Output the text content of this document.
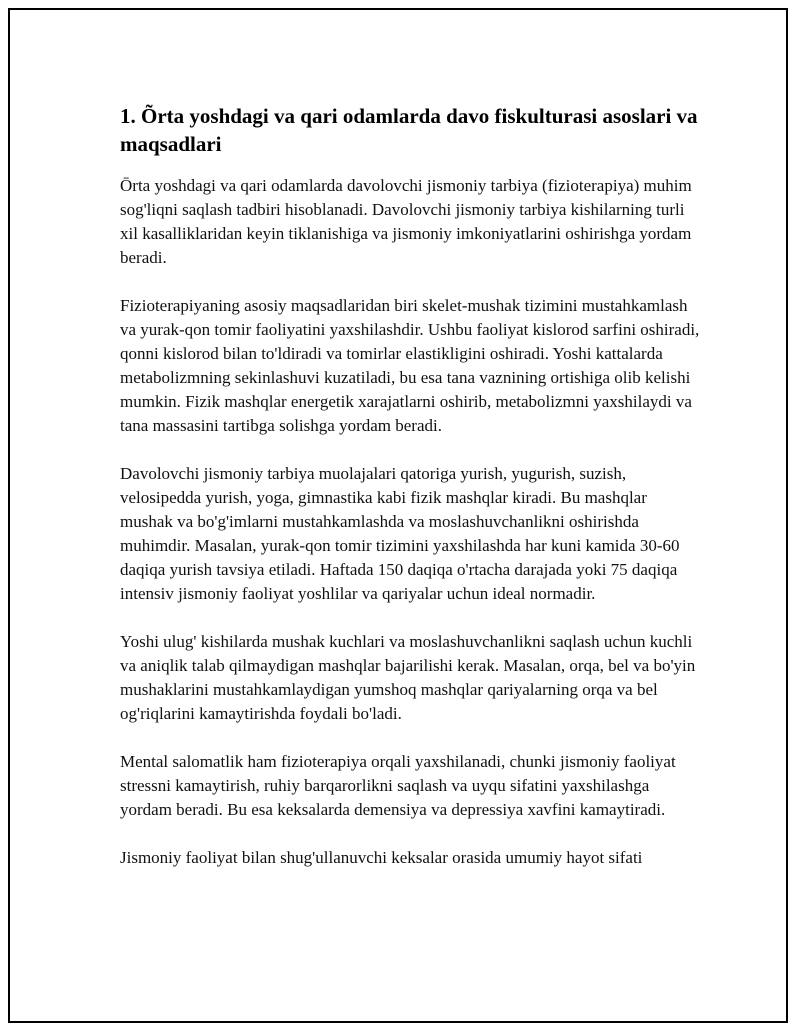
1. Õrta yoshdagi va qari odamlarda davo fiskulturasi asoslari va maqsadlari

Ōrta yoshdagi va qari odamlarda davolovchi jismoniy tarbiya (fizioterapiya) muhim sog'liqni saqlash tadbiri hisoblanadi. Davolovchi jismoniy tarbiya kishilarning turli xil kasalliklaridan keyin tiklanishiga va jismoniy imkoniyatlarini oshirishga yordam beradi.

Fizioterapiyaning asosiy maqsadlaridan biri skelet-mushak tizimini mustahkamlash va yurak-qon tomir faoliyatini yaxshilashdir. Ushbu faoliyat kislorod sarfini oshiradi, qonni kislorod bilan to'ldiradi va tomirlar elastikligini oshiradi. Yoshi kattalarda metabolizmning sekinlashuvi kuzatiladi, bu esa tana vaznining ortishiga olib kelishi mumkin. Fizik mashqlar energetik xarajatlarni oshirib, metabolizmni yaxshilaydi va tana massasini tartibga solishga yordam beradi.

Davolovchi jismoniy tarbiya muolajalari qatoriga yurish, yugurish, suzish, velosipedda yurish, yoga, gimnastika kabi fizik mashqlar kiradi. Bu mashqlar mushak va bo'g'imlarni mustahkamlashda va moslashuvchanlikni oshirishda muhimdir. Masalan, yurak-qon tomir tizimini yaxshilashda har kuni kamida 30-60 daqiqa yurish tavsiya etiladi. Haftada 150 daqiqa o'rtacha darajada yoki 75 daqiqa intensiv jismoniy faoliyat yoshlilar va qariyalar uchun ideal normadir.

Yoshi ulug' kishilarda mushak kuchlari va moslashuvchanlikni saqlash uchun kuchli va aniqlik talab qilmaydigan mashqlar bajarilishi kerak. Masalan, orqa, bel va bo'yin mushaklarini mustahkamlaydigan yumshoq mashqlar qariyalarning orqa va bel og'riqlarini kamaytirishda foydali bo'ladi.

Mental salomatlik ham fizioterapiya orqali yaxshilanadi, chunki jismoniy faoliyat stressni kamaytirish, ruhiy barqarorlikni saqlash va uyqu sifatini yaxshilashga yordam beradi. Bu esa keksalarda demensiya va depressiya xavfini kamaytiradi.

Jismoniy faoliyat bilan shug'ullanuvchi keksalar orasida umumiy hayot sifati
